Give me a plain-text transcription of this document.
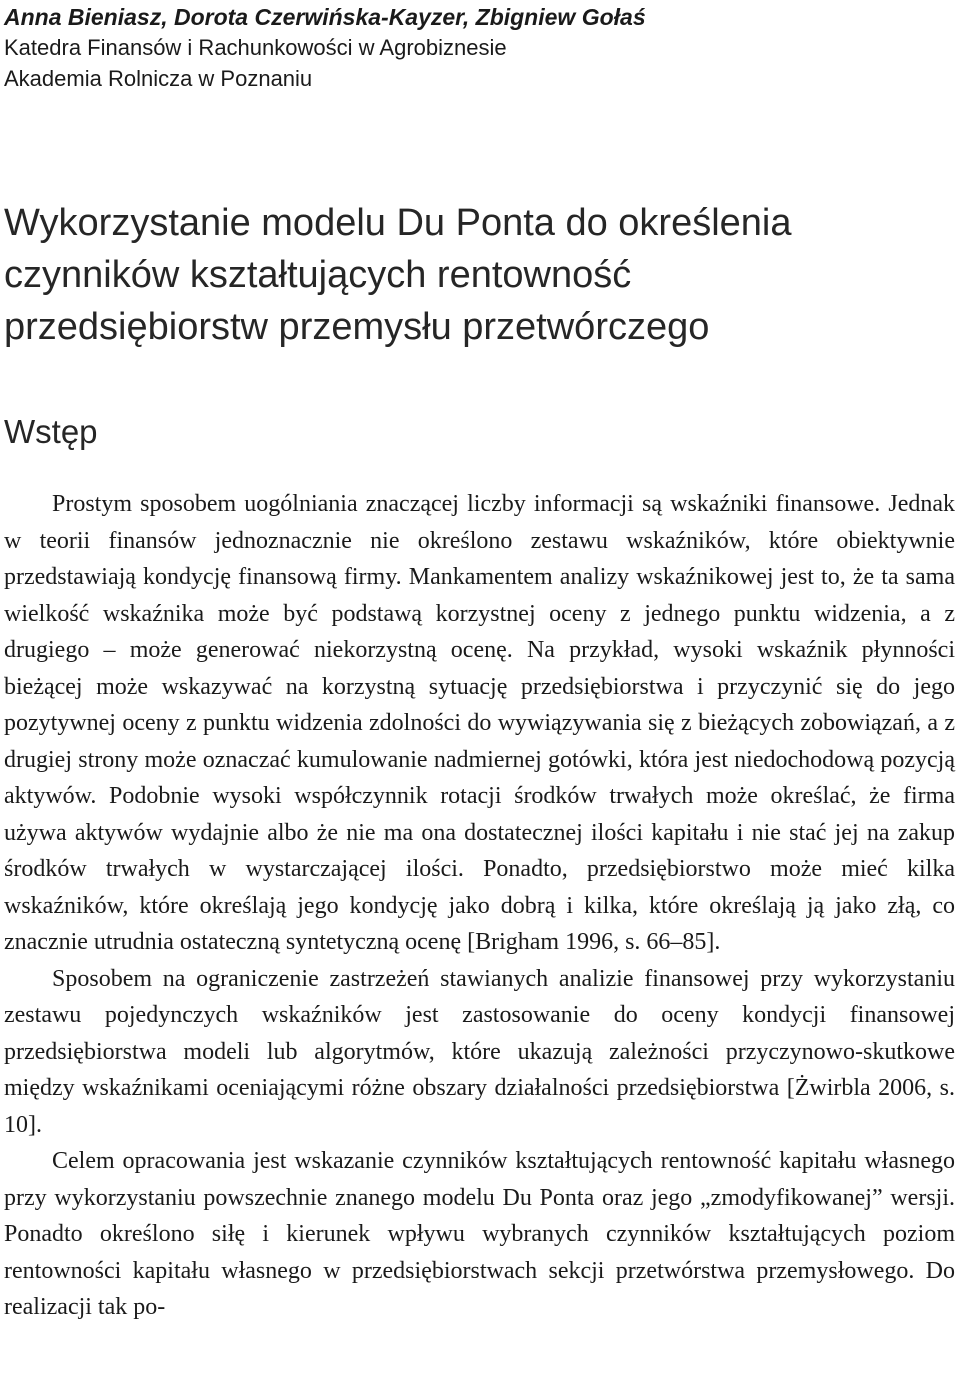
Anna Bieniasz, Dorota Czerwińska-Kayzer, Zbigniew Gołaś

Katedra Finansów i Rachunkowości w Agrobiznesie

Akademia Rolnicza w Poznaniu

Wykorzystanie modelu Du Ponta do określenia
czynników kształtujących rentowność
przedsiębiorstw przemysłu przetwórczego
Wstęp

Prostym sposobem uogólniania znaczącej liczby informacji są wskaźniki finansowe. Jednak w teorii finansów jednoznacznie nie określono zestawu wskaźników, które obiektywnie przedstawiają kondycję finansową firmy. Mankamentem analizy wskaźnikowej jest to, że ta sama wielkość wskaźnika może być podstawą korzystnej oceny z jednego punktu widzenia, a z drugiego – może generować niekorzystną ocenę. Na przykład, wysoki wskaźnik płynności bieżącej może wskazywać na korzystną sytuację przedsiębiorstwa i przyczynić się do jego pozytywnej oceny z punktu widzenia zdolności do wywiązywania się z bieżących zobowiązań, a z drugiej strony może oznaczać kumulowanie nadmiernej gotówki, która jest niedochodową pozycją aktywów. Podobnie wysoki współczynnik rotacji środków trwałych może określać, że firma używa aktywów wydajnie albo że nie ma ona dostatecznej ilości kapitału i nie stać jej na zakup środków trwałych w wystarczającej ilości. Ponadto, przedsiębiorstwo może mieć kilka wskaźników, które określają jego kondycję jako dobrą i kilka, które określają ją jako złą, co znacznie utrudnia ostateczną syntetyczną ocenę [Brigham 1996, s. 66–85].

Sposobem na ograniczenie zastrzeżeń stawianych analizie finansowej przy wykorzystaniu zestawu pojedynczych wskaźników jest zastosowanie do oceny kondycji finansowej przedsiębiorstwa modeli lub algorytmów, które ukazują zależności przyczynowo-skutkowe między wskaźnikami oceniającymi różne obszary działalności przedsiębiorstwa [Żwirbla 2006, s. 10].

Celem opracowania jest wskazanie czynników kształtujących rentowność kapitału własnego przy wykorzystaniu powszechnie znanego modelu Du Ponta oraz jego „zmodyfikowanej” wersji. Ponadto określono siłę i kierunek wpływu wybranych czynników kształtujących poziom rentowności kapitału własnego w przedsiębiorstwach sekcji przetwórstwa przemysłowego. Do realizacji tak po-
